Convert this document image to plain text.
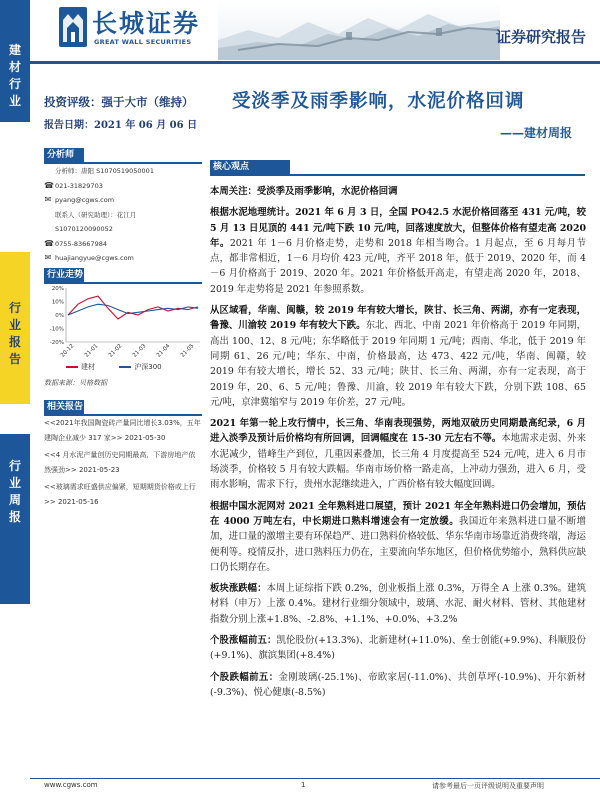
建
材
行
业
行
业
报
告
行
业
周
报
长城证券
GREAT WALL SECURITIES	证券研究报告
投资评级：强于大市（维持）
报告日期：2021 年 06 月 06 日
受淡季及雨季影响，水泥价格回调
——建材周报
分析师
分析师：唐阳 S1070519050001
☎ 021-31829703
✉ pyang@cgws.com
联系人（研究助理）：花江月
S1070120090052
☎ 0755-83667984
✉ huajiangyue@cgws.com
行业走势
20%
10%
0%
-10%
-20%
20-12 21-01 21-02 21-03 21-04 21-05
建材	沪深300
数据来源：贝格数据
相关报告
<<2021年我国陶瓷砖产量同比增长3.03%，五年建陶企业减少 317 家>> 2021-05-30
<<4 月水泥产量创历史同期最高，下游房地产依然强劲>> 2021-05-23
<<玻璃需求旺盛供应偏紧，短期期货价格或上行>> 2021-05-16
核心观点

本周关注：受淡季及雨季影响，水泥价格回调

根据水泥地理统计。2021 年 6 月 3 日，全国 PO42.5 水泥价格回落至 431 元/吨，较 5 月 13 日见顶的 441 元/吨下跌 10 元/吨，回落速度放大，但整体价格有望走高 2020 年。2021 年 1－6 月价格走势，走势和 2018 年相当吻合。1 月起点，至 6 月每月节点，都非常相近，1－6 月均价 423 元/吨，齐平 2018 年，低于 2019、2020 年，而 4－6 月价格高于 2019、2020 年。2021 年价格低开高走，有望走高 2020 年，2018、2019 年走势将是 2021 年参照系数。

从区域看，华南、闽赣，较 2019 年有较大增长，陕甘、长三角、两湖，亦有一定表现，鲁豫、川渝较 2019 年有较大下跌。东北、西北、中南 2021 年价格高于 2019 年同期，高出 100、12、8 元/吨；东华略低于 2019 年同期 1 元/吨；西南、华北，低于 2019 年同期 61、26 元/吨；华东、中南，价格最高，达 473、422 元/吨，华南、闽赣，较 2019 年有较大增长，增长 52、33 元/吨；陕甘、长三角、两湖，亦有一定表现，高于 2019 年，20、6、5 元/吨；鲁豫、川渝，较 2019 年有较大下跌，分别下跌 108、65 元/吨，京津冀缩窄与 2019 年价差，27 元/吨。

2021 年第一轮上攻行情中，长三角、华南表现强势，两地双破历史同期最高纪录，6 月进入淡季及预计后价格均有所回调，回调幅度在 15-30 元左右不等。本地需求走弱、外来水泥减少，错峰生产到位，几重因素叠加，长三角 4 月度提高至 524 元/吨，进入 6 月市场淡季，价格较 5 月有较大跌幅。华南市场价格一路走高，上冲动力强劲，进入 6 月，受雨水影响，需求下行，贵州水泥继续进入，广西价格有较大幅度回调。

根据中国水泥网对 2021 全年熟料进口展望，预计 2021 年全年熟料进口仍会增加，预估在 4000 万吨左右，中长期进口熟料增速会有一定放缓。我国近年来熟料进口量不断增加，进口量的激增主要有环保趋严、进口熟料价格较低、华东华南市场靠近消费终端，海运便利等。疫情反扑，进口熟料压力仍在，主要流向华东地区，但价格优势缩小，熟料供应缺口仍长期存在。

板块涨跌幅：本周上证综指下跌 0.2%，创业板指上涨 0.3%，万得全 A 上涨 0.3%。建筑材料（申万）上涨 0.4%。建材行业细分领域中，玻璃、水泥、耐火材料、管材、其他建材指数分别上涨+1.8%、-2.8%、+1.1%、+0.0%、+3.2%

个股涨幅前五：凯伦股份(+13.3%)、北新建材(+11.0%)、垒士创能(+9.9%)、科顺股份(+9.1%)、旗滨集团(+8.4%)

个股跌幅前五：金刚玻璃(-25.1%)、帝欧家居(-11.0%)、共创草坪(-10.9%)、开尔新材(-9.3%)、悦心健康(-8.5%)

www.cgws.com	1	请参考最后一页评级说明及重要声明
